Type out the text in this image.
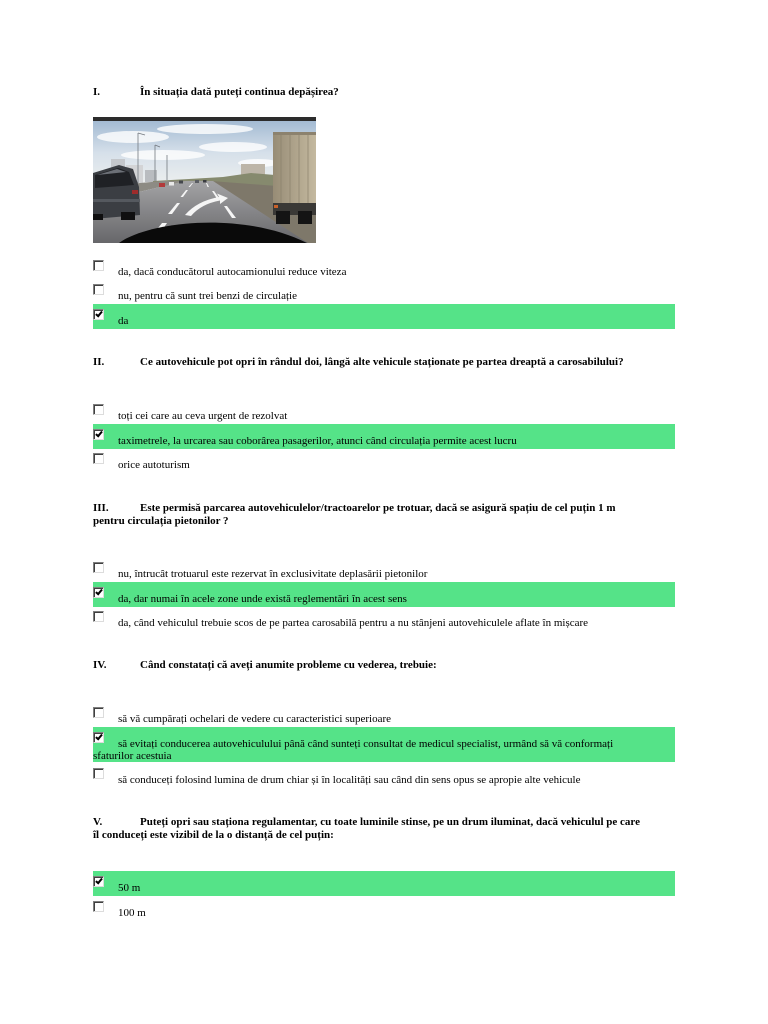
I.	În situația dată puteți continua depășirea?
da, dacă conducătorul autocamionului reduce viteza
nu, pentru că sunt trei benzi de circulație
da
II.	Ce autovehicule pot opri în rândul doi, lângă alte vehicule staționate pe partea dreaptă a carosabilului?
toți cei care au ceva urgent de rezolvat
taximetrele, la urcarea sau coborârea pasagerilor, atunci când circulația permite acest lucru
orice autoturism
III.	Este permisă parcarea autovehiculelor/tractoarelor pe trotuar, dacă se asigură spațiu de cel puțin 1 m
pentru circulația pietonilor ?
nu, întrucât trotuarul este rezervat în exclusivitate deplasării pietonilor
da, dar numai în acele zone unde există reglementări în acest sens
da, când vehiculul trebuie scos de pe partea carosabilă pentru a nu stânjeni autovehiculele aflate în mișcare
IV.	Când constatați că aveți anumite probleme cu vederea, trebuie:
să vă cumpărați ochelari de vedere cu caracteristici superioare
să evitați conducerea autovehiculului până când sunteți consultat de medicul specialist, urmând să vă conformați
sfaturilor acestuia
să conduceți folosind lumina de drum chiar și în localități sau când din sens opus se apropie alte vehicule
V.	Puteți opri sau staționa regulamentar, cu toate luminile stinse, pe un drum iluminat, dacă vehiculul pe care
îl conduceți este vizibil de la o distanță de cel puțin:
50 m
100 m
